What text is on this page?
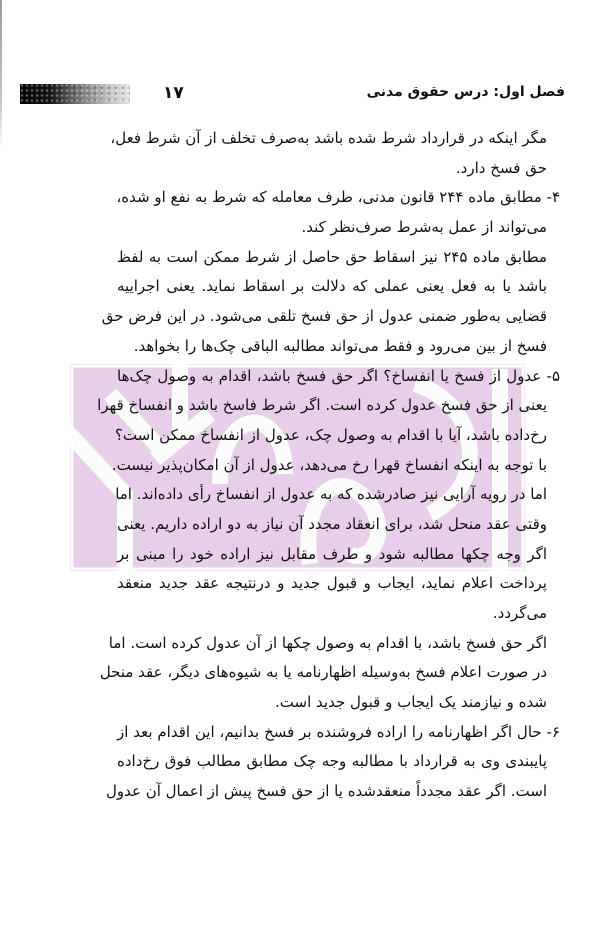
۱۷	فصل اول: درس حقوق مدنی
مگر اینکه در قرارداد شرط شده باشد به‌صرف تخلف از آن شرط فعل،
حق فسخ دارد.
۴- مطابق ماده ۲۴۴ قانون مدنی، طرف معامله که شرط به نفع او شده،
می‌تواند از عمل به‌شرط صرف‌نظر کند.
مطابق ماده ۲۴۵ نیز اسقاط حق حاصل از شرط ممکن است به لفظ
باشد یا به فعل یعنی عملی که دلالت بر اسقاط نماید. یعنی اجراییه
قضایی به‌طور ضمنی عدول از حق فسخ تلقی می‌شود. در این فرض حق
فسخ از بین می‌رود و فقط می‌تواند مطالبه الباقی چک‌ها را بخواهد.
۵- عدول از فسخ یا انفساخ؟ اگر حق فسخ باشد، اقدام به وصول چک‌ها
یعنی از حق فسخ عدول کرده است. اگر شرط فاسخ باشد و انفساخ قهرا
رخ‌داده باشد، آیا با اقدام به وصول چک، عدول از انفساخ ممکن است؟
با توجه به اینکه انفساخ قهرا رخ می‌دهد، عدول از آن امکان‌پذیر نیست.
اما در رویه آرایی نیز صادرشده که به عدول از انفساخ رأی داده‌اند. اما
وقتی عقد منحل شد، برای انعقاد مجدد آن نیاز به دو اراده داریم. یعنی
اگر وجه چکها مطالبه شود و طرف مقابل نیز اراده خود را مبنی بر
پرداخت اعلام نماید، ایجاب و قبول جدید و درنتیجه عقد جدید منعقد
می‌گردد.
اگر حق فسخ باشد، با اقدام به وصول چکها از آن عدول کرده است. اما
در صورت اعلام فسخ به‌وسیله اظهارنامه یا به شیوه‌های دیگر، عقد منحل
شده و نیازمند یک ایجاب و قبول جدید است.
۶- حال اگر اظهارنامه را اراده فروشنده بر فسخ بدانیم، این اقدام بعد از
پایبندی وی به قرارداد با مطالبه وجه چک مطابق مطالب فوق رخ‌داده
است. اگر عقد مجدداً منعقدشده یا از حق فسخ پیش از اعمال آن عدول
